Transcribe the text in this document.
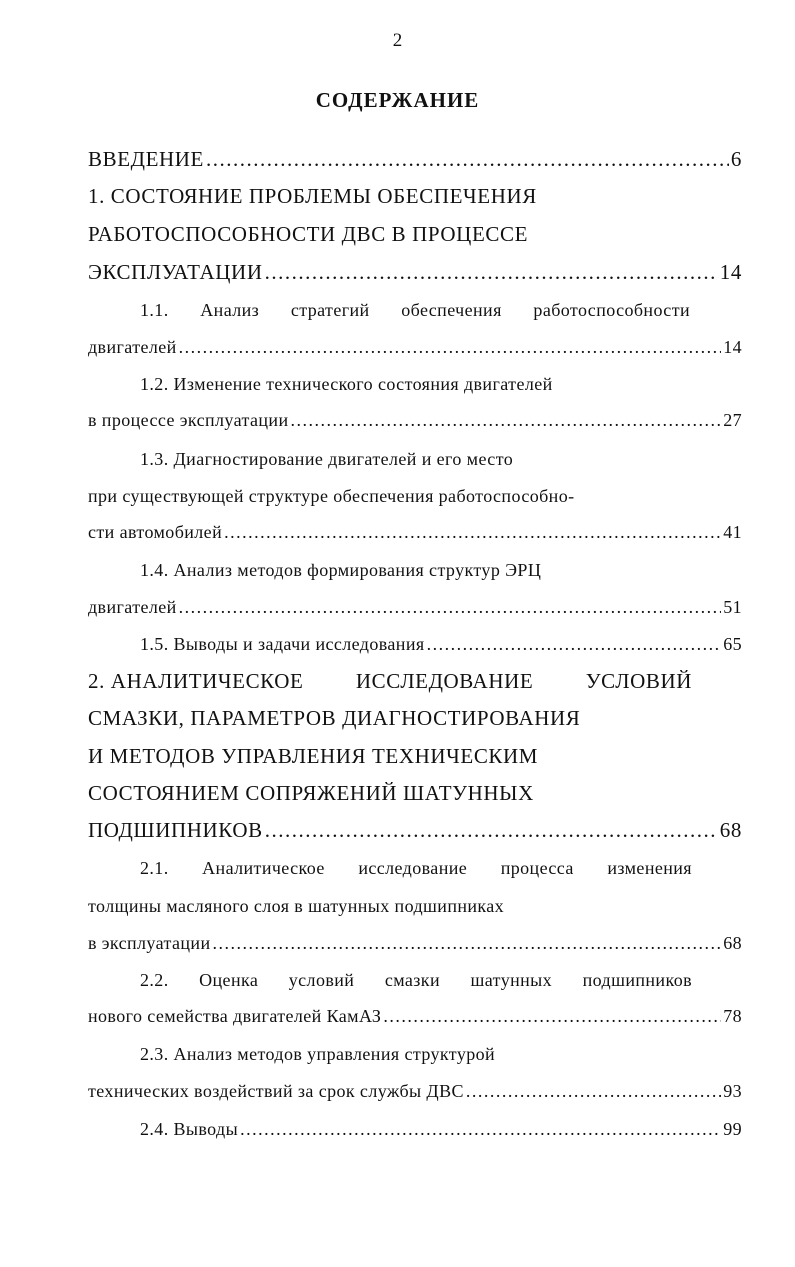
2
СОДЕРЖАНИЕ
ВВЕДЕНИЕ .....	6
1. СОСТОЯНИЕ ПРОБЛЕМЫ ОБЕСПЕЧЕНИЯ
РАБОТОСПОСОБНОСТИ ДВС В ПРОЦЕССЕ
ЭКСПЛУАТАЦИИ .....	14
1.1. Анализ стратегий обеспечения работоспособности
двигателей .....	14
1.2. Изменение технического состояния двигателей
в процессе эксплуатации .....	27
1.3. Диагностирование двигателей и его место
при существующей структуре обеспечения работоспособно-
сти автомобилей .....	41
1.4. Анализ методов формирования структур ЭРЦ
двигателей .....	51
1.5. Выводы и задачи исследования .....	65
2. АНАЛИТИЧЕСКОЕ ИССЛЕДОВАНИЕ УСЛОВИЙ
СМАЗКИ, ПАРАМЕТРОВ ДИАГНОСТИРОВАНИЯ
И МЕТОДОВ УПРАВЛЕНИЯ ТЕХНИЧЕСКИМ
СОСТОЯНИЕМ СОПРЯЖЕНИЙ ШАТУННЫХ
ПОДШИПНИКОВ .....	68
2.1. Аналитическое исследование процесса изменения
толщины масляного слоя в шатунных подшипниках
в эксплуатации .....	68
2.2. Оценка условий смазки шатунных подшипников
нового семейства двигателей КамАЗ .....	78
2.3. Анализ методов управления структурой
технических воздействий за срок службы ДВС .....	93
2.4. Выводы .....	99
